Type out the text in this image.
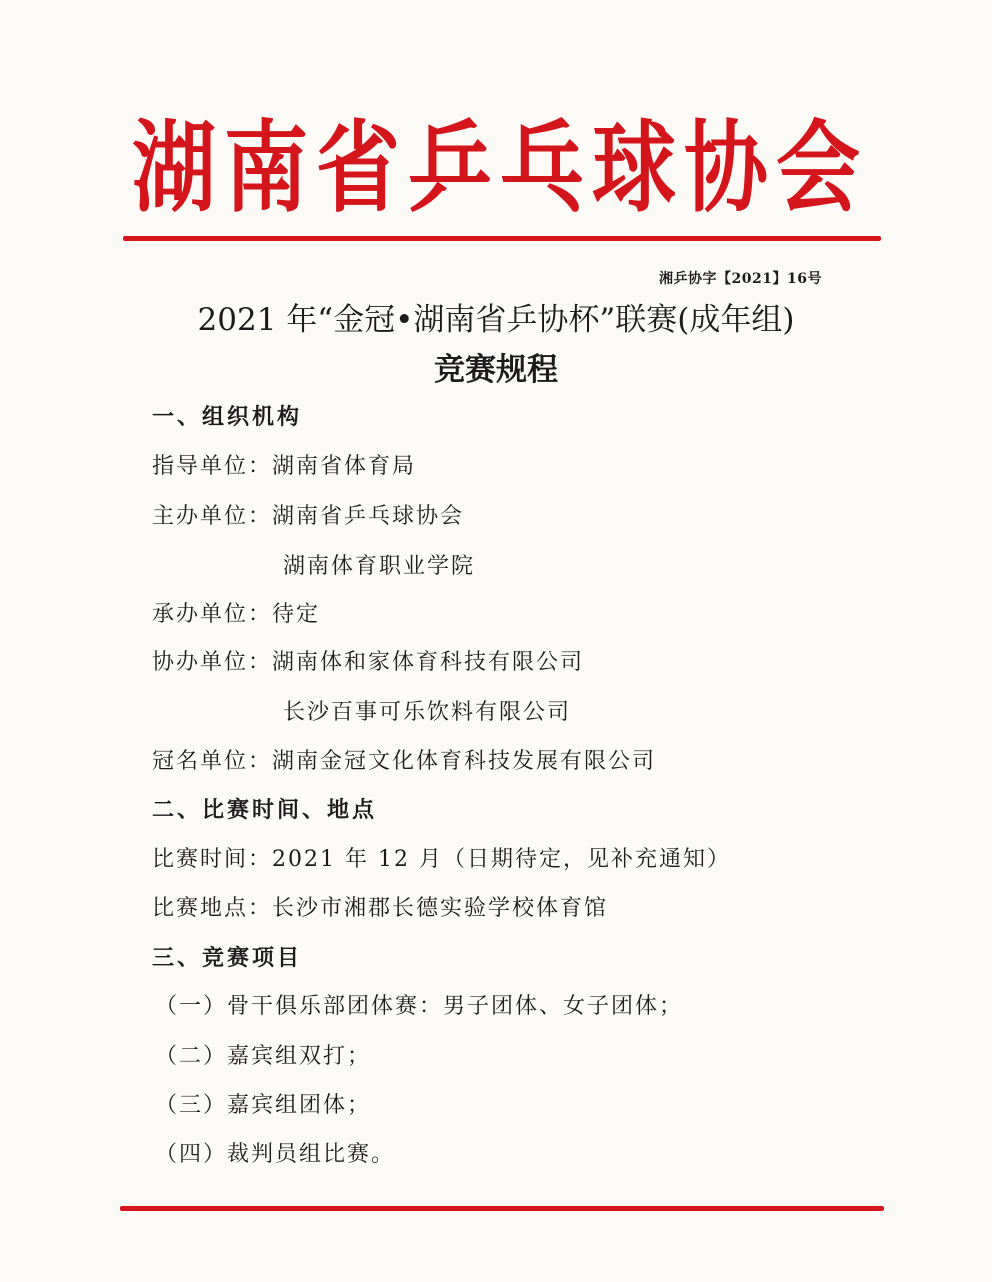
湖南省乒乓球协会
湘乒协字【2021】16号
2021 年“金冠•湖南省乒协杯”联赛(成年组)
竞赛规程
一、组织机构
指导单位：湖南省体育局
主办单位：湖南省乒乓球协会
湖南体育职业学院
承办单位：待定
协办单位：湖南体和家体育科技有限公司
长沙百事可乐饮料有限公司
冠名单位：湖南金冠文化体育科技发展有限公司
二、比赛时间、地点
比赛时间：2021 年 12 月（日期待定，见补充通知）
比赛地点：长沙市湘郡长德实验学校体育馆
三、竞赛项目
（一）骨干俱乐部团体赛：男子团体、女子团体；
（二）嘉宾组双打；
（三）嘉宾组团体；
（四）裁判员组比赛。
